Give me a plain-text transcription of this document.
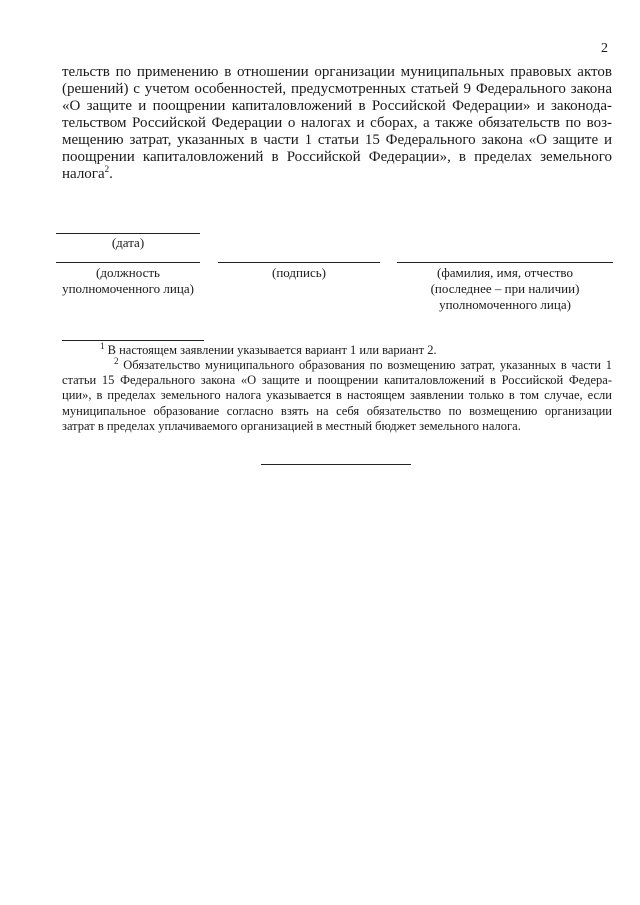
2
тельств по применению в отношении организации муниципальных правовых актов
(решений) с учетом особенностей, предусмотренных статьей 9 Федерального закона
«О защите и поощрении капиталовложений в Российской Федерации» и законода-
тельством Российской Федерации о налогах и сборах, а также обязательств по воз-
мещению затрат, указанных в части 1 статьи 15 Федерального закона «О защите и
поощрении капиталовложений в Российской Федерации», в пределах земельного
налога$^2$.
(дата)
(должность
уполномоченного лица)
(подпись)	(фамилия, имя, отчество
(последнее – при наличии)
уполномоченного лица)
$^1$ В настоящем заявлении указывается вариант 1 или вариант 2.
$^2$ Обязательство муниципального образования по возмещению затрат, указанных в части 1
статьи 15 Федерального закона «О защите и поощрении капиталовложений в Российской Федера-
ции», в пределах земельного налога указывается в настоящем заявлении только в том случае, если
муниципальное образование согласно взять на себя обязательство по возмещению организации
затрат в пределах уплачиваемого организацией в местный бюджет земельного налога.
